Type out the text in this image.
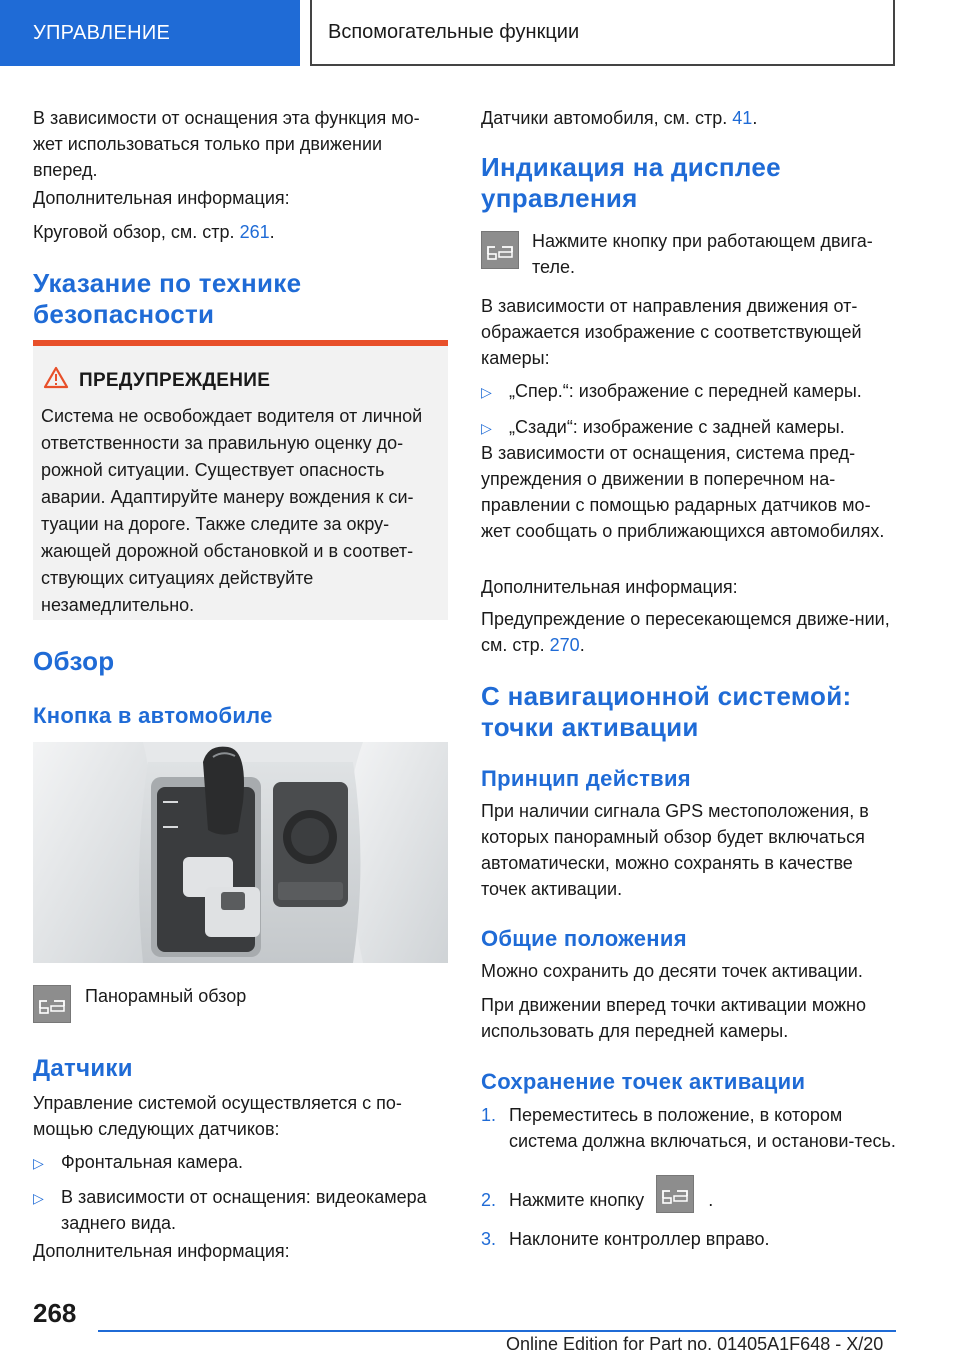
УПРАВЛЕНИЕ	Вспомогательные функции

В зависимости от оснащения эта функция мо-жет использоваться только при движении вперед.

Дополнительная информация:

Круговой обзор, см. стр. 261.

Указание по технике
безопасности
ПРЕДУПРЕЖДЕНИЕ
Система не освобождает водителя от личной ответственности за правильную оценку до-рожной ситуации. Существует опасность аварии. Адаптируйте манеру вождения к си-туации на дороге. Также следите за окру-жающей дорожной обстановкой и в соответ-ствующих ситуациях действуйте незамедлительно.
Обзор
Кнопка в автомобиле

Панорамный обзор

Датчики

Управление системой осуществляется с по-мощью следующих датчиков:

▷ Фронтальная камера.
▷ В зависимости от оснащения: видеокамера заднего вида.

Дополнительная информация:

Датчики автомобиля, см. стр. 41.

Индикация на дисплее
управления

Нажмите кнопку при работающем двига-теле.

В зависимости от направления движения от-ображается изображение с соответствующей камеры:

▷ „Спер.“: изображение с передней камеры.
▷ „Сзади“: изображение с задней камеры.

В зависимости от оснащения, система пред-упреждения о движении в поперечном на-правлении с помощью радарных датчиков мо-жет сообщать о приближающихся автомобилях.

Дополнительная информация:

Предупреждение о пересекающемся движе-нии, см. стр. 270.

С навигационной системой:
точки активации
Принцип действия

При наличии сигнала GPS местоположения, в которых панорамный обзор будет включаться автоматически, можно сохранять в качестве точек активации.

Общие положения

Можно сохранить до десяти точек активации.

При движении вперед точки активации можно использовать для передней камеры.

Сохранение точек активации
1. Переместитесь в положение, в котором система должна включаться, и останови-тесь.
2. Нажмите кнопку	.
3. Наклоните контроллер вправо.
268
Online Edition for Part no. 01405A1F648 - X/20
